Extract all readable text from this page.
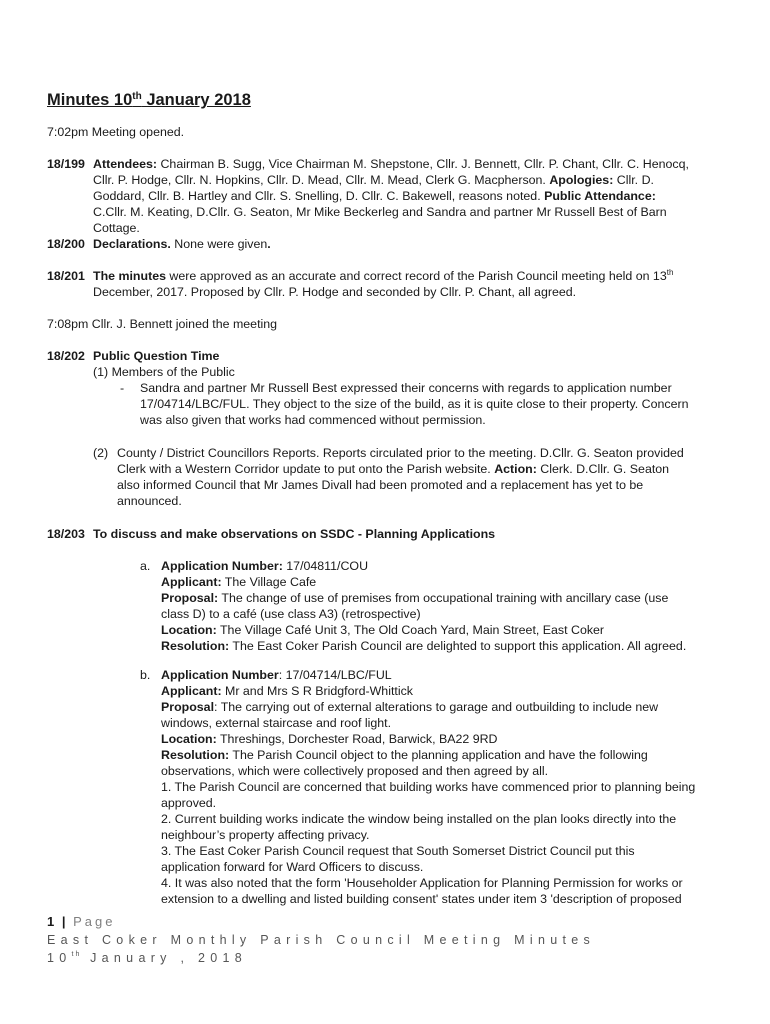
Minutes 10th January 2018
7:02pm Meeting opened.
18/199 Attendees: Chairman B. Sugg, Vice Chairman M. Shepstone, Cllr. J. Bennett, Cllr. P. Chant, Cllr. C. Henocq,
Cllr. P. Hodge, Cllr. N. Hopkins, Cllr. D. Mead, Cllr. M. Mead, Clerk G. Macpherson. Apologies: Cllr. D.
Goddard, Cllr. B. Hartley and Cllr. S. Snelling, D. Cllr. C. Bakewell, reasons noted. Public Attendance:
C.Cllr. M. Keating, D.Cllr. G. Seaton, Mr Mike Beckerleg and Sandra and partner Mr Russell Best of Barn
Cottage.
18/200 Declarations. None were given.
18/201 The minutes were approved as an accurate and correct record of the Parish Council meeting held on 13th
December, 2017. Proposed by Cllr. P. Hodge and seconded by Cllr. P. Chant, all agreed.
7:08pm Cllr. J. Bennett joined the meeting
18/202 Public Question Time
(1) Members of the Public
- Sandra and partner Mr Russell Best expressed their concerns with regards to application number
17/04714/LBC/FUL. They object to the size of the build, as it is quite close to their property. Concern
was also given that works had commenced without permission.
(2) County / District Councillors Reports. Reports circulated prior to the meeting. D.Cllr. G. Seaton provided
Clerk with a Western Corridor update to put onto the Parish website. Action: Clerk. D.Cllr. G. Seaton
also informed Council that Mr James Divall had been promoted and a replacement has yet to be
announced.
18/203 To discuss and make observations on SSDC - Planning Applications
a. Application Number: 17/04811/COU
Applicant: The Village Cafe
Proposal: The change of use of premises from occupational training with ancillary case (use
class D) to a café (use class A3) (retrospective)
Location: The Village Café Unit 3, The Old Coach Yard, Main Street, East Coker
Resolution: The East Coker Parish Council are delighted to support this application. All agreed.
b. Application Number: 17/04714/LBC/FUL
Applicant: Mr and Mrs S R Bridgford-Whittick
Proposal: The carrying out of external alterations to garage and outbuilding to include new
windows, external staircase and roof light.
Location: Threshings, Dorchester Road, Barwick, BA22 9RD
Resolution: The Parish Council object to the planning application and have the following
observations, which were collectively proposed and then agreed by all.
1. The Parish Council are concerned that building works have commenced prior to planning being
approved.
2. Current building works indicate the window being installed on the plan looks directly into the
neighbour’s property affecting privacy.
3. The East Coker Parish Council request that South Somerset District Council put this
application forward for Ward Officers to discuss.
4. It was also noted that the form 'Householder Application for Planning Permission for works or
extension to a dwelling and listed building consent' states under item 3 'description of proposed
1 | Page
East Coker Monthly Parish Council Meeting Minutes
10th January , 2018
